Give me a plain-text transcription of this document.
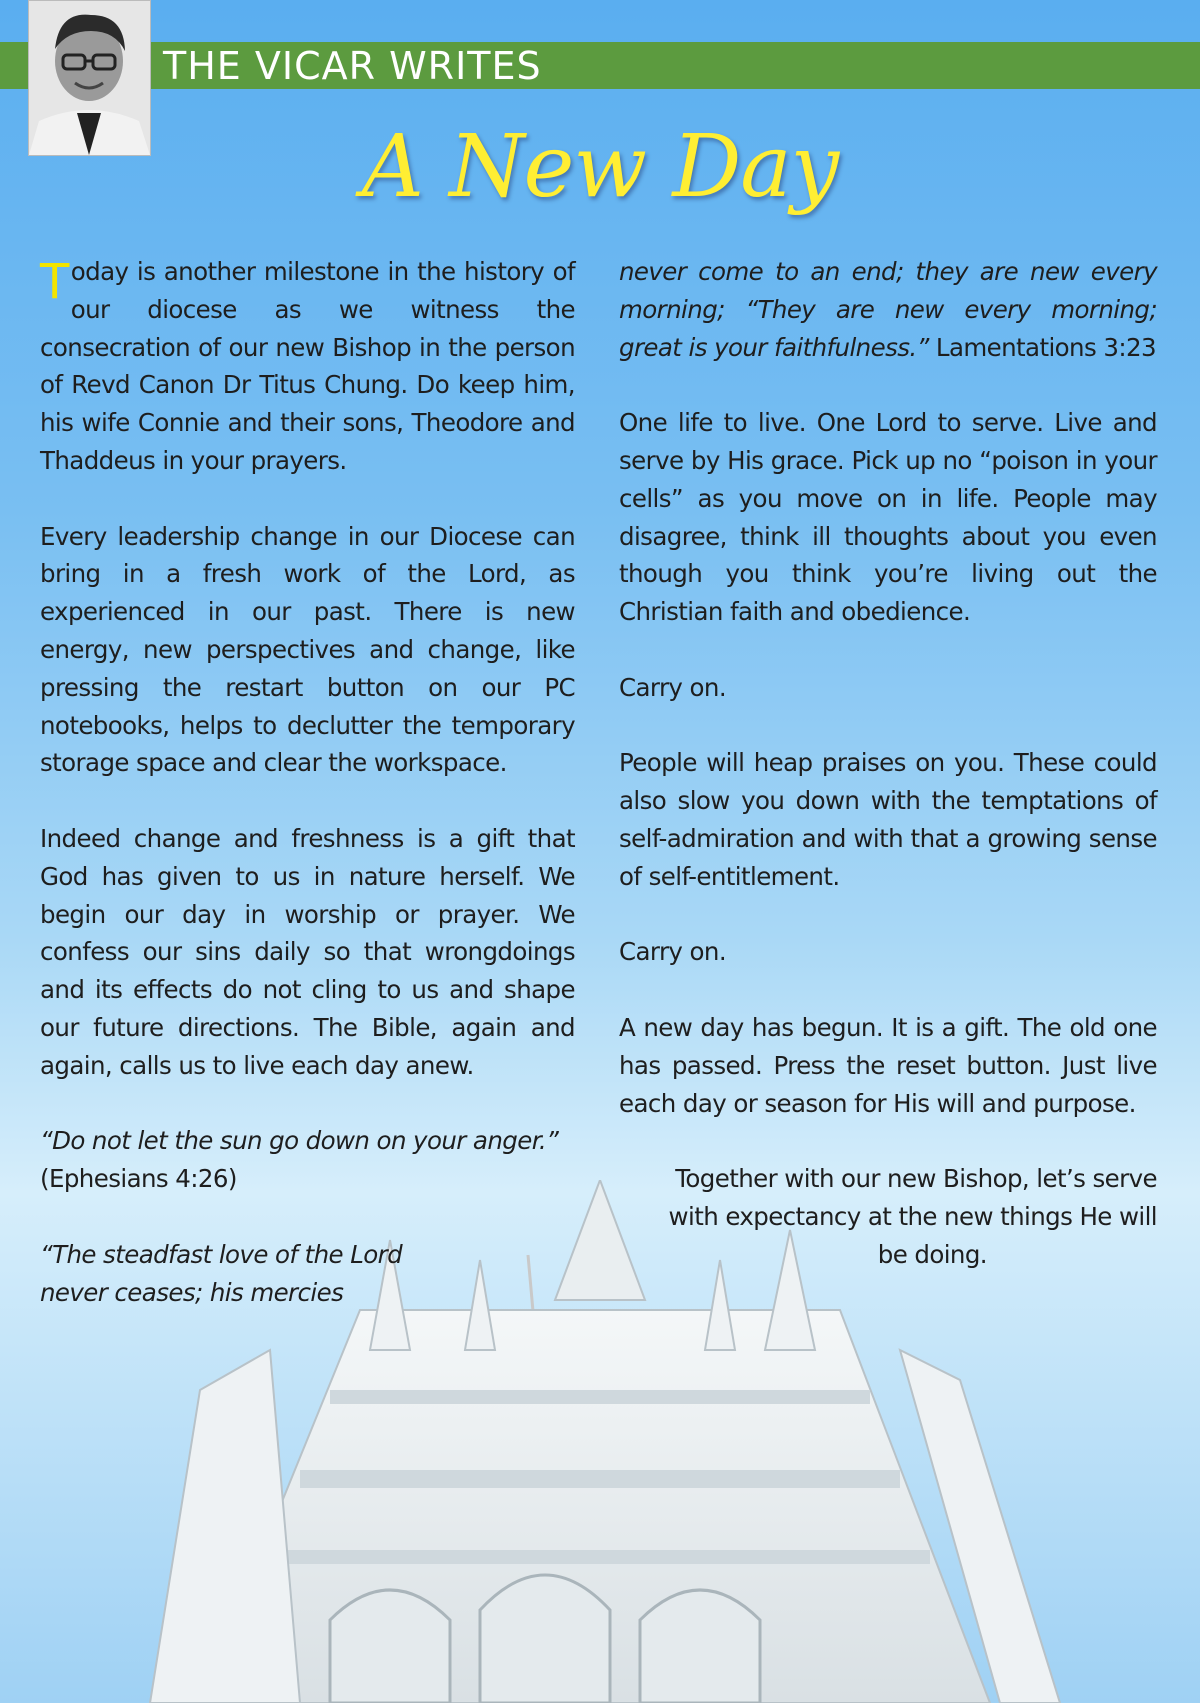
THE VICAR WRITES
A New Day

Today is another milestone in the history of our diocese as we witness the consecration of our new Bishop in the person of Revd Canon Dr Titus Chung. Do keep him, his wife Connie and their sons, Theodore and Thaddeus in your prayers.

Every leadership change in our Diocese can bring in a fresh work of the Lord, as experienced in our past. There is new energy, new perspectives and change, like pressing the restart button on our PC notebooks, helps to declutter the temporary storage space and clear the workspace.

Indeed change and freshness is a gift that God has given to us in nature herself. We begin our day in worship or prayer. We confess our sins daily so that wrongdoings and its effects do not cling to us and shape our future directions. The Bible, again and again, calls us to live each day anew.

“Do not let the sun go down on your anger.”
(Ephesians 4:26)

“The steadfast love of the Lord
never ceases; his mercies

never come to an end; they are new every morning; “They are new every morning; great is your faithfulness.” Lamentations 3:23

One life to live. One Lord to serve. Live and serve by His grace. Pick up no “poison in your cells” as you move on in life. People may disagree, think ill thoughts about you even though you think you’re living out the Christian faith and obedience.

Carry on.

People will heap praises on you. These could also slow you down with the temptations of self-admiration and with that a growing sense of self-entitlement.

Carry on.

A new day has begun. It is a gift. The old one has passed. Press the reset button. Just live each day or season for His will and purpose.

Together with our new Bishop, let’s serve
with expectancy at the new things He will
be doing.
